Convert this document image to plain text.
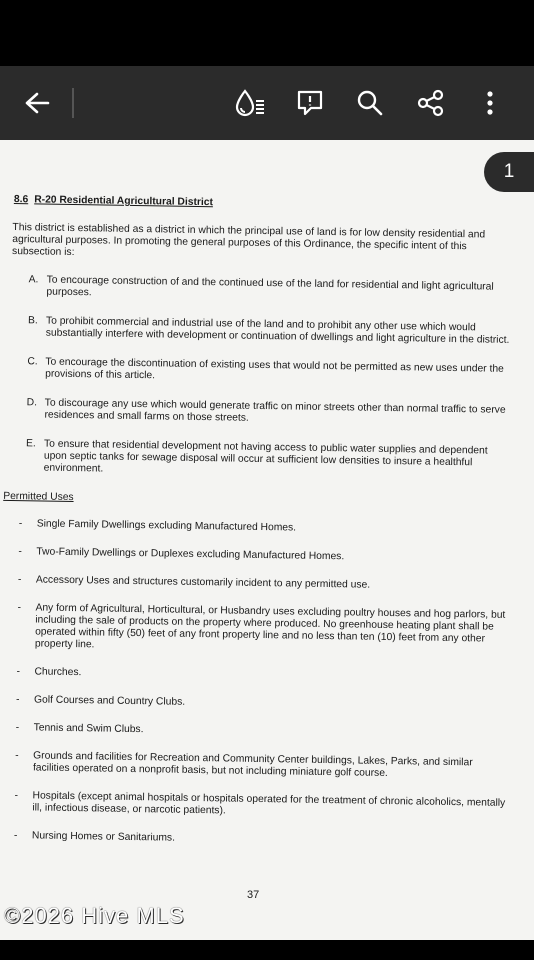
1
8.6 R-20 Residential Agricultural District
This district is established as a district in which the principal use of land is for low density residential and agricultural purposes. In promoting the general purposes of this Ordinance, the specific intent of this subsection is:
A. To encourage construction of and the continued use of the land for residential and light agricultural purposes.
B. To prohibit commercial and industrial use of the land and to prohibit any other use which would substantially interfere with development or continuation of dwellings and light agriculture in the district.
C. To encourage the discontinuation of existing uses that would not be permitted as new uses under the provisions of this article.
D. To discourage any use which would generate traffic on minor streets other than normal traffic to serve residences and small farms on those streets.
E. To ensure that residential development not having access to public water supplies and dependent upon septic tanks for sewage disposal will occur at sufficient low densities to insure a healthful environment.
Permitted Uses
-	Single Family Dwellings excluding Manufactured Homes.
-	Two-Family Dwellings or Duplexes excluding Manufactured Homes.
-	Accessory Uses and structures customarily incident to any permitted use.
-	Any form of Agricultural, Horticultural, or Husbandry uses excluding poultry houses and hog parlors, but including the sale of products on the property where produced. No greenhouse heating plant shall be operated within fifty (50) feet of any front property line and no less than ten (10) feet from any other property line.
-	Churches.
-	Golf Courses and Country Clubs.
-	Tennis and Swim Clubs.
-	Grounds and facilities for Recreation and Community Center buildings, Lakes, Parks, and similar facilities operated on a nonprofit basis, but not including miniature golf course.
-	Hospitals (except animal hospitals or hospitals operated for the treatment of chronic alcoholics, mentally ill, infectious disease, or narcotic patients).
-	Nursing Homes or Sanitariums.
37
©2026 Hive MLS
